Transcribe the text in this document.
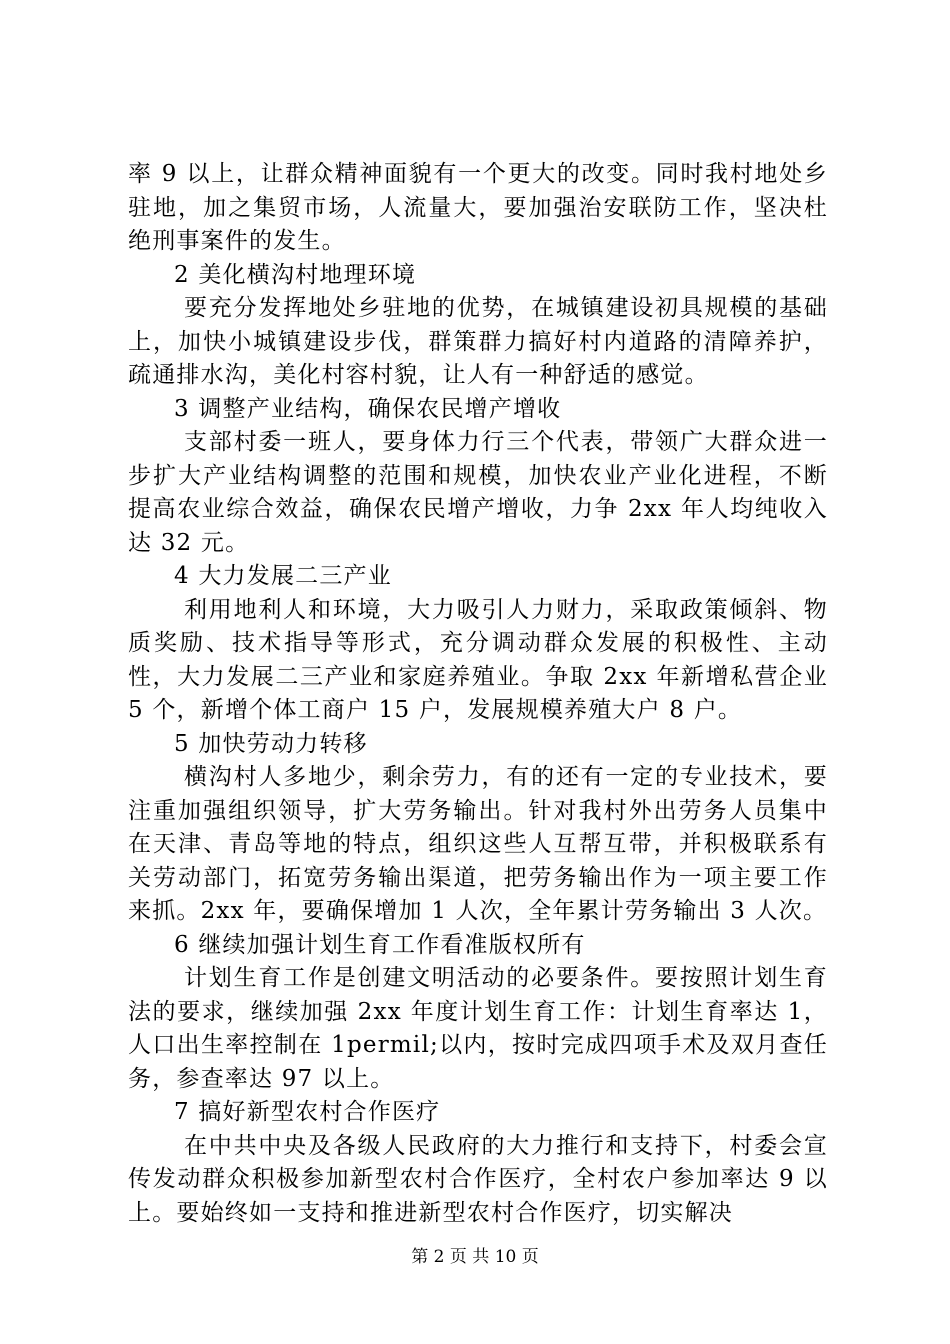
率 9 以上，让群众精神面貌有一个更大的改变。同时我村地处乡驻地，加之集贸市场，人流量大，要加强治安联防工作，坚决杜绝刑事案件的发生。

2 美化横沟村地理环境

要充分发挥地处乡驻地的优势，在城镇建设初具规模的基础上，加快小城镇建设步伐，群策群力搞好村内道路的清障养护，疏通排水沟，美化村容村貌，让人有一种舒适的感觉。

3 调整产业结构，确保农民增产增收

支部村委一班人，要身体力行三个代表，带领广大群众进一步扩大产业结构调整的范围和规模，加快农业产业化进程，不断提高农业综合效益，确保农民增产增收，力争 2xx 年人均纯收入达 32 元。

4 大力发展二三产业

利用地利人和环境，大力吸引人力财力，采取政策倾斜、物质奖励、技术指导等形式，充分调动群众发展的积极性、主动性，大力发展二三产业和家庭养殖业。争取 2xx 年新增私营企业 5 个，新增个体工商户 15 户，发展规模养殖大户 8 户。

5 加快劳动力转移

横沟村人多地少，剩余劳力，有的还有一定的专业技术，要注重加强组织领导，扩大劳务输出。针对我村外出劳务人员集中在天津、青岛等地的特点，组织这些人互帮互带，并积极联系有关劳动部门，拓宽劳务输出渠道，把劳务输出作为一项主要工作来抓。2xx 年，要确保增加 1 人次，全年累计劳务输出 3 人次。

6 继续加强计划生育工作看准版权所有

计划生育工作是创建文明活动的必要条件。要按照计划生育法的要求，继续加强 2xx 年度计划生育工作：计划生育率达 1，人口出生率控制在 1permil;以内，按时完成四项手术及双月查任务，参查率达 97 以上。

7 搞好新型农村合作医疗

在中共中央及各级人民政府的大力推行和支持下，村委会宣传发动群众积极参加新型农村合作医疗，全村农户参加率达 9 以上。要始终如一支持和推进新型农村合作医疗，切实解决

第 2 页 共 10 页
